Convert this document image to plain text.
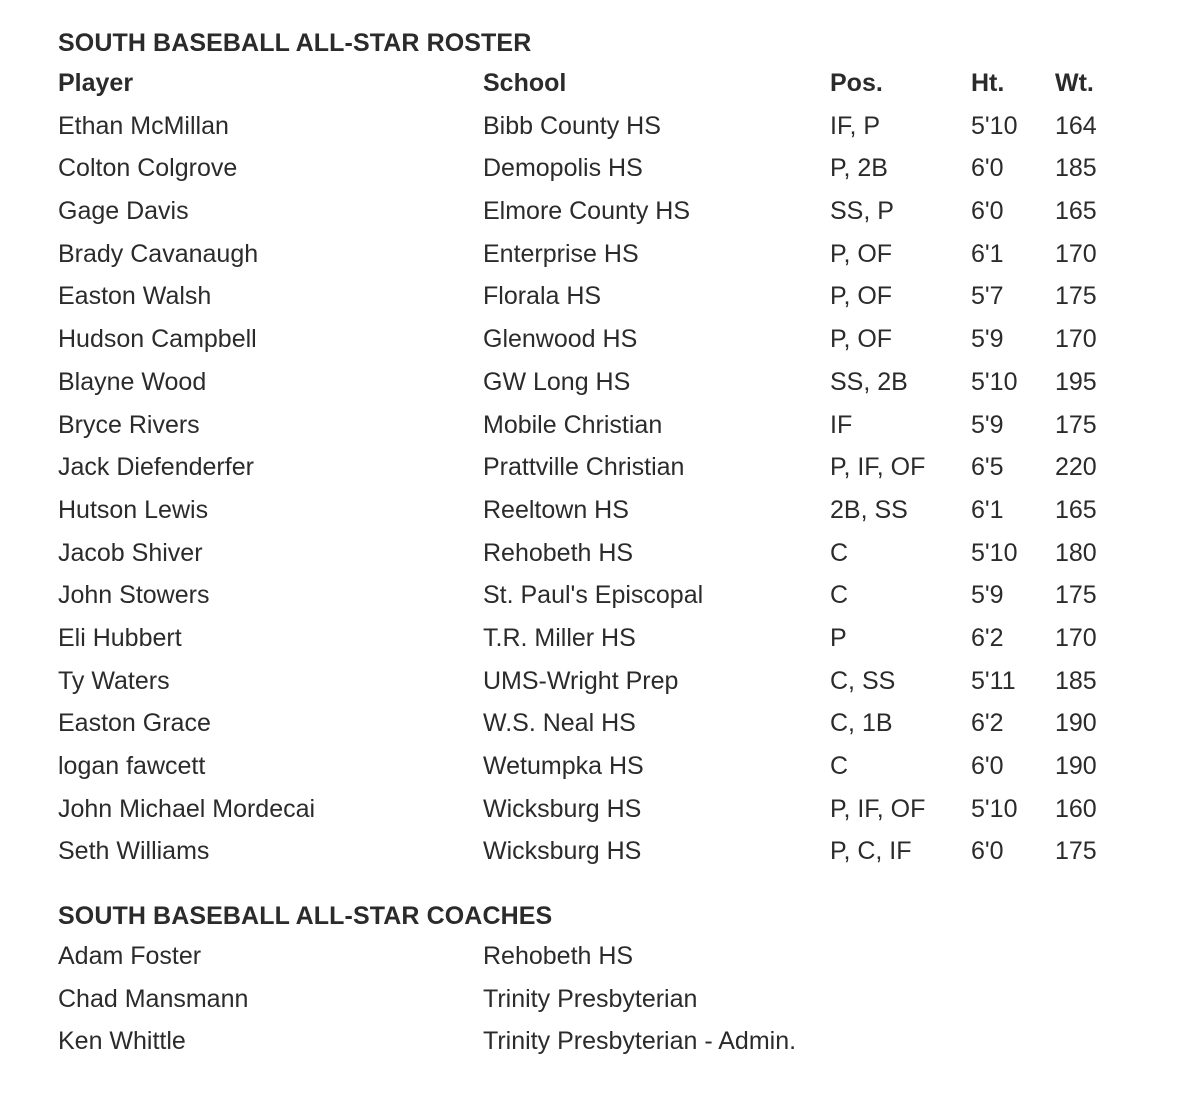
SOUTH BASEBALL ALL-STAR ROSTER
Player	School	Pos.	Ht. Wt.
Ethan McMillan	Bibb County HS	IF, P	5'10 164
Colton Colgrove	Demopolis HS	P, 2B	6'0 185
Gage Davis	Elmore County HS	SS, P	6'0 165
Brady Cavanaugh	Enterprise HS	P, OF	6'1 170
Easton Walsh	Florala HS	P, OF	5'7 175
Hudson Campbell	Glenwood HS	P, OF	5'9 170
Blayne Wood	GW Long HS	SS, 2B	5'10 195
Bryce Rivers	Mobile Christian	IF	5'9 175
Jack Diefenderfer	Prattville Christian	P, IF, OF 6'5 220
Hutson Lewis	Reeltown HS	2B, SS	6'1 165
Jacob Shiver	Rehobeth HS	C	5'10 180
John Stowers	St. Paul's Episcopal	C	5'9 175
Eli Hubbert	T.R. Miller HS	P	6'2 170
Ty Waters	UMS-Wright Prep	C, SS	5'11 185
Easton Grace	W.S. Neal HS	C, 1B	6'2 190
logan fawcett	Wetumpka HS	C	6'0 190
John Michael Mordecai	Wicksburg HS	P, IF, OF 5'10 160
Seth Williams	Wicksburg HS	P, C, IF 6'0 175
SOUTH BASEBALL ALL-STAR COACHES
Adam Foster	Rehobeth HS
Chad Mansmann	Trinity Presbyterian
Ken Whittle	Trinity Presbyterian - Admin.
